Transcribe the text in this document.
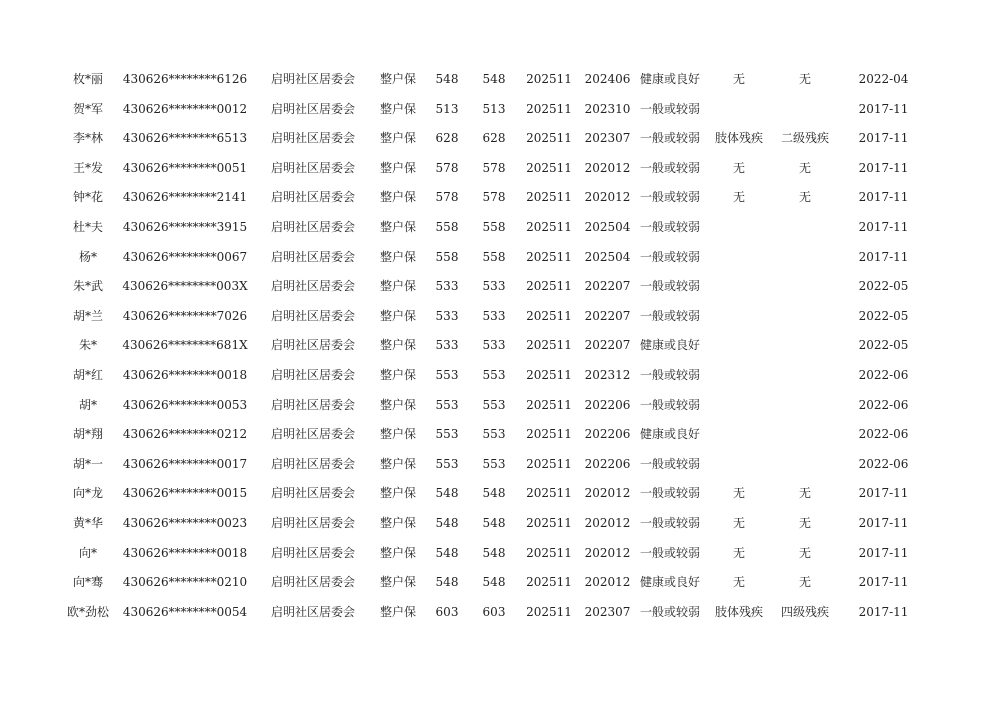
枚*丽	430626********6126	启明社区居委会	整户保	548	548	202511	202406	健康或良好	无	无	2022-04
贺*军	430626********0012	启明社区居委会	整户保	513	513	202511	202310	一般或较弱			2017-11
李*林	430626********6513	启明社区居委会	整户保	628	628	202511	202307	一般或较弱	肢体残疾	二级残疾	2017-11
王*发	430626********0051	启明社区居委会	整户保	578	578	202511	202012	一般或较弱	无	无	2017-11
钟*花	430626********2141	启明社区居委会	整户保	578	578	202511	202012	一般或较弱	无	无	2017-11
杜*夫	430626********3915	启明社区居委会	整户保	558	558	202511	202504	一般或较弱			2017-11
杨*	430626********0067	启明社区居委会	整户保	558	558	202511	202504	一般或较弱			2017-11
朱*武	430626********003X	启明社区居委会	整户保	533	533	202511	202207	一般或较弱			2022-05
胡*兰	430626********7026	启明社区居委会	整户保	533	533	202511	202207	一般或较弱			2022-05
朱*	430626********681X	启明社区居委会	整户保	533	533	202511	202207	健康或良好			2022-05
胡*红	430626********0018	启明社区居委会	整户保	553	553	202511	202312	一般或较弱			2022-06
胡*	430626********0053	启明社区居委会	整户保	553	553	202511	202206	一般或较弱			2022-06
胡*翔	430626********0212	启明社区居委会	整户保	553	553	202511	202206	健康或良好			2022-06
胡*一	430626********0017	启明社区居委会	整户保	553	553	202511	202206	一般或较弱			2022-06
向*龙	430626********0015	启明社区居委会	整户保	548	548	202511	202012	一般或较弱	无	无	2017-11
黄*华	430626********0023	启明社区居委会	整户保	548	548	202511	202012	一般或较弱	无	无	2017-11
向*	430626********0018	启明社区居委会	整户保	548	548	202511	202012	一般或较弱	无	无	2017-11
向*骞	430626********0210	启明社区居委会	整户保	548	548	202511	202012	健康或良好	无	无	2017-11
欧*劲松	430626********0054	启明社区居委会	整户保	603	603	202511	202307	一般或较弱	肢体残疾	四级残疾	2017-11
